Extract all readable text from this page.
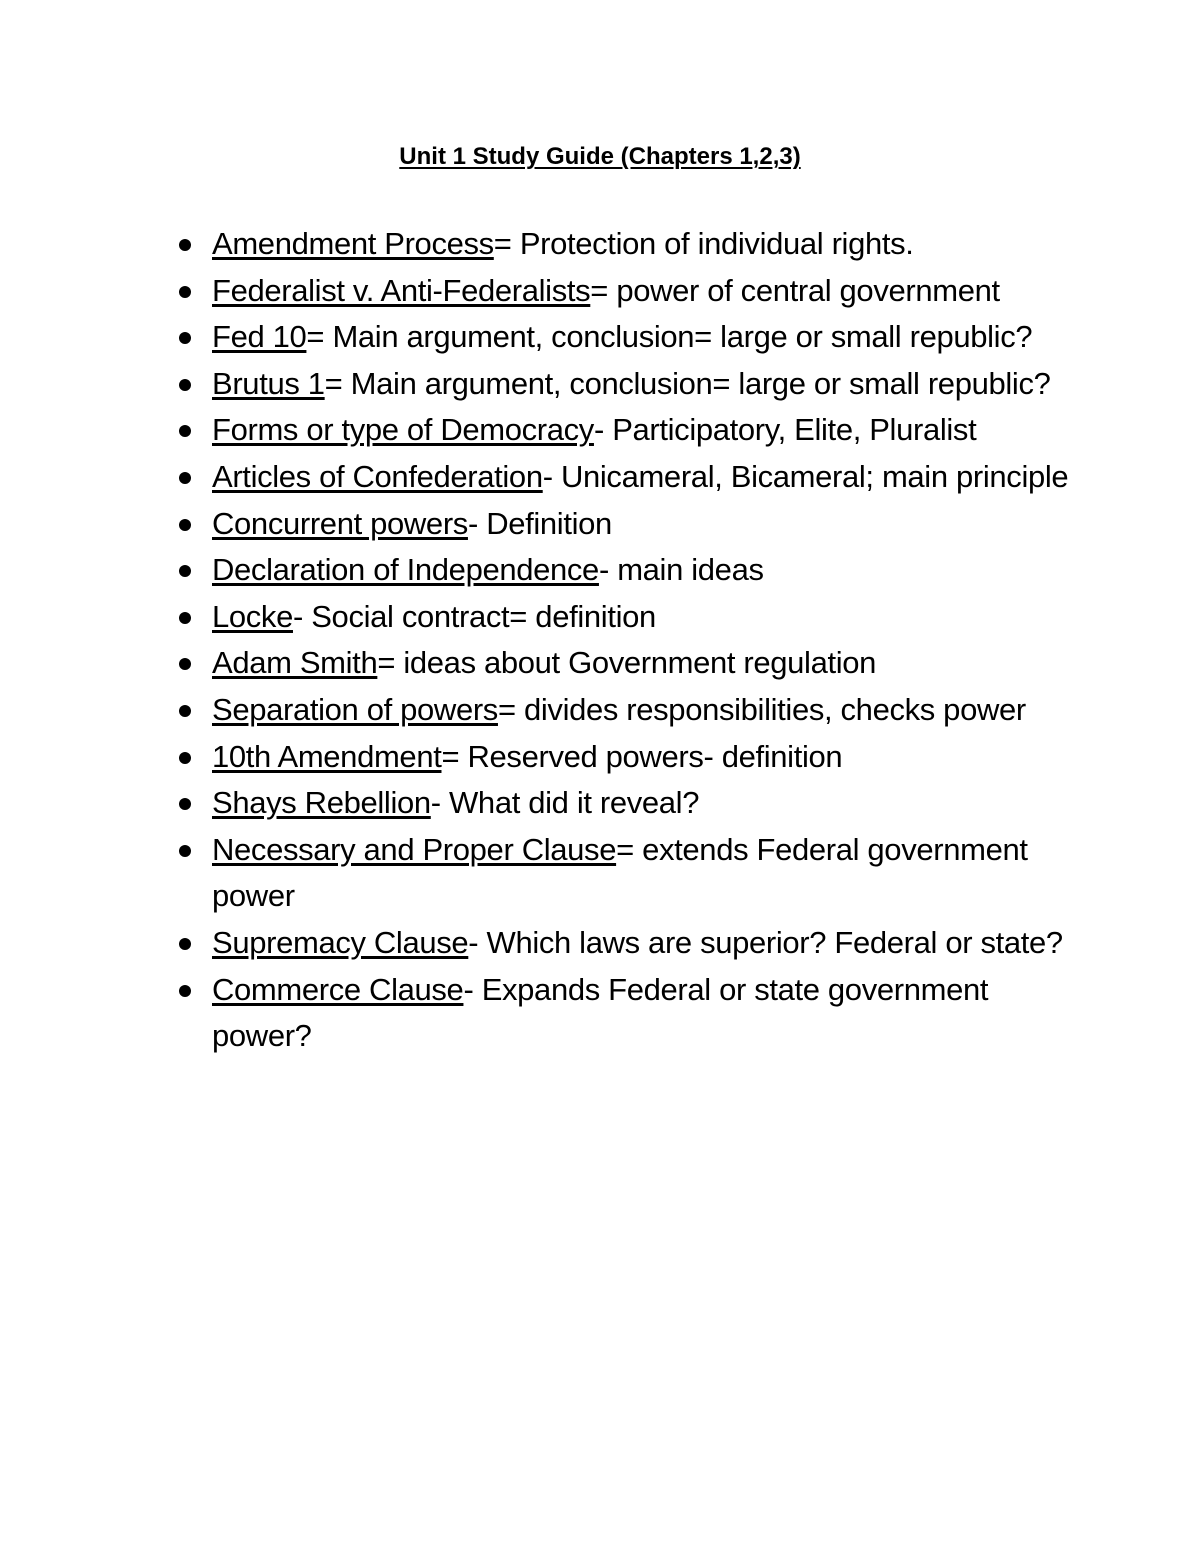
Unit 1 Study Guide (Chapters 1,2,3)
Amendment Process= Protection of individual rights.
Federalist v. Anti-Federalists= power of central government
Fed 10= Main argument, conclusion= large or small republic?
Brutus 1= Main argument, conclusion= large or small republic?
Forms or type of Democracy- Participatory, Elite, Pluralist
Articles of Confederation- Unicameral, Bicameral; main principle
Concurrent powers- Definition
Declaration of Independence- main ideas
Locke- Social contract= definition
Adam Smith= ideas about Government regulation
Separation of powers= divides responsibilities, checks power
10th Amendment= Reserved powers- definition
Shays Rebellion- What did it reveal?
Necessary and Proper Clause= extends Federal government power
Supremacy Clause- Which laws are superior? Federal or state?
Commerce Clause- Expands Federal or state government power?
